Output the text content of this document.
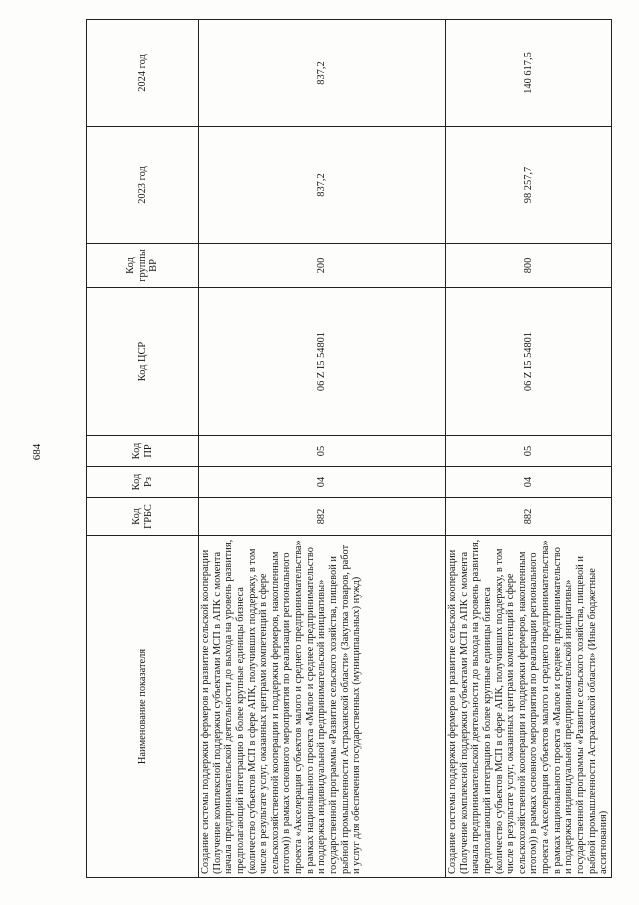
684
Наименование показателя	Код ГРБС	Код Рз	Код ПР	Код ЦСР	Код группы ВР	2023 год	2024 год
Создание системы поддержки фермеров и развитие сельской кооперации (Получение комплексной поддержки субъектами МСП в АПК с момента начала предпринимательской деятельности до выхода на уровень развития, предполагающий интеграцию в более крупные единицы бизнеса (количество субъектов МСП в сфере АПК, получивших поддержку, в том числе в результате услуг, оказанных центрами компетенций в сфере сельскохозяйственной кооперации и поддержки фермеров, накопленным итогом)) в рамках основного мероприятия по реализации регионального проекта «Акселерация субъектов малого и среднего предпринимательства» в рамках национального проекта «Малое и среднее предпринимательство и поддержка индивидуальной предпринимательской инициативы» государственной программы «Развитие сельского хозяйства, пищевой и рыбной промышленности Астраханской области» (Закупка товаров, работ и услуг для обеспечения государственных (муниципальных) нужд)	882	04	05	06 Z I5 54801	200	837,2	837,2
Создание системы поддержки фермеров и развитие сельской кооперации (Получение комплексной поддержки субъектами МСП в АПК с момента начала предпринимательской деятельности до выхода на уровень развития, предполагающий интеграцию в более крупные единицы бизнеса (количество субъектов МСП в сфере АПК, получивших поддержку, в том числе в результате услуг, оказанных центрами компетенций в сфере сельскохозяйственной кооперации и поддержки фермеров, накопленным итогом)) в рамках основного мероприятия по реализации регионального проекта «Акселерация субъектов малого и среднего предпринимательства» в рамках национального проекта «Малое и среднее предпринимательство и поддержка индивидуальной предпринимательской инициативы» государственной программы «Развитие сельского хозяйства, пищевой и рыбной промышленности Астраханской области» (Иные бюджетные ассигнования)	882	04	05	06 Z I5 54801	800	98 257,7	140 617,5
